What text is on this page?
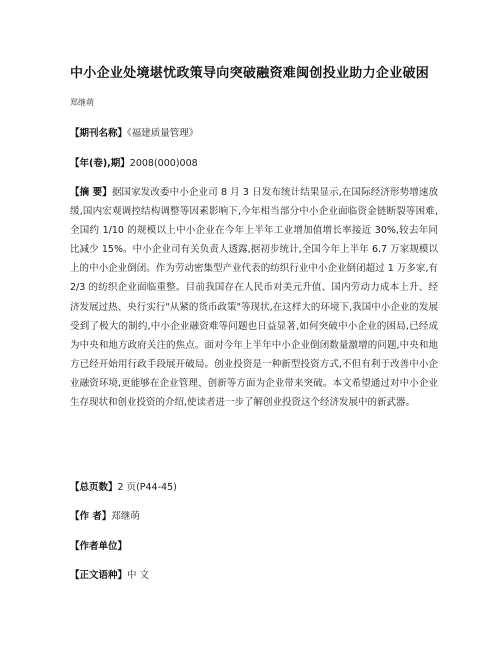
中小企业处境堪忧政策导向突破融资难闽创投业助力企业破困
郑继萌
【期刊名称】《福建质量管理》
【年(卷),期】2008(000)008
【摘 要】据国家发改委中小企业司 8 月 3 日发布统计结果显示,在国际经济形势增速放缓,国内宏观调控结构调整等因素影响下,今年相当部分中小企业面临资金链断裂等困难,全国约 1/10 的规模以上中小企业在今年上半年工业增加值增长率接近 30%,较去年同比减少 15%。中小企业司有关负责人透露,据初步统计,全国今年上半年 6.7 万家规模以上的中小企业倒闭。作为劳动密集型产业代表的纺织行业中小企业倒闭超过 1 万多家,有 2/3 的纺织企业面临重整。目前我国存在人民币对美元升值、国内劳动力成本上升、经济发展过热、央行实行"从紧的货币政策"等现状,在这样大的环境下,我国中小企业的发展受到了极大的制约,中小企业融资难等问题也日益显著,如何突破中小企业的困局,已经成为中央和地方政府关注的焦点。面对今年上半年中小企业倒闭数量激增的问题,中央和地方已经开始用行政手段展开破局。创业投资是一种新型投资方式,不但有利于改善中小企业融资环境,更能够在企业管理、创新等方面为企业带来突破。本文希望通过对中小企业生存现状和创业投资的介绍,使读者进一步了解创业投资这个经济发展中的新武器。
【总页数】2 页(P44-45)
【作 者】郑继萌
【作者单位】
【正文语种】中 文
